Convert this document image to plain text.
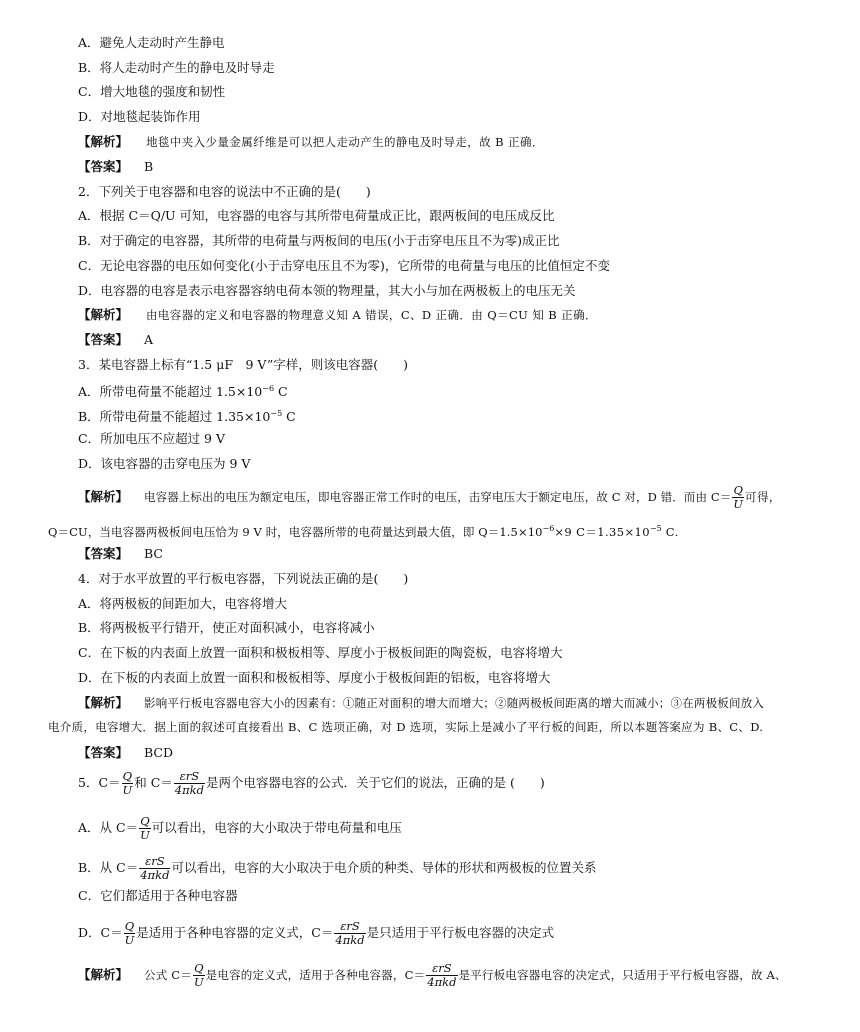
A．避免人走动时产生静电
B．将人走动时产生的静电及时导走
C．增大地毯的强度和韧性
D．对地毯起装饰作用
【解析】 地毯中夹入少量金属纤维是可以把人走动产生的静电及时导走，故 B 正确．
【答案】 B
2．下列关于电容器和电容的说法中不正确的是(　　)
A．根据 C＝Q/U 可知，电容器的电容与其所带电荷量成正比，跟两板间的电压成反比
B．对于确定的电容器，其所带的电荷量与两板间的电压(小于击穿电压且不为零)成正比
C．无论电容器的电压如何变化(小于击穿电压且不为零)，它所带的电荷量与电压的比值恒定不变
D．电容器的电容是表示电容器容纳电荷本领的物理量，其大小与加在两极板上的电压无关
【解析】 由电容器的定义和电容器的物理意义知 A 错误，C、D 正确．由 Q＝CU 知 B 正确．
【答案】 A
3．某电容器上标有“1.5 μF　9 V”字样，则该电容器(　　)
A．所带电荷量不能超过 $1.5\times 10^{-6}$ C
B．所带电荷量不能超过 $1.35\times 10^{-5}$ C
C．所加电压不应超过 9 V
D．该电容器的击穿电压为 9 V
【解析】 电容器上标出的电压为额定电压，即电容器正常工作时的电压，击穿电压大于额定电压，故 C 对，D 错．而由 $C= \frac{Q}{U}$ 可得，
Q＝CU，当电容器两极板间电压恰为 9 V 时，电容器所带的电荷量达到最大值，即 $Q=1.5\times 10^{-6}\times 9$ $C=1.35\times 10^{-5}$ C.
【答案】 BC
4．对于水平放置的平行板电容器，下列说法正确的是(　　)
A．将两极板的间距加大，电容将增大
B．将两极板平行错开，使正对面积减小，电容将减小
C．在下板的内表面上放置一面积和极板相等、厚度小于极板间距的陶瓷板，电容将增大
D．在下板的内表面上放置一面积和极板相等、厚度小于极板间距的铝板，电容将增大
【解析】 影响平行板电容器电容大小的因素有：①随正对面积的增大而增大；②随两极板间距离的增大而减小；③在两极板间放入
电介质，电容增大．据上面的叙述可直接看出 B、C 选项正确，对 D 选项，实际上是减小了平行板的间距，所以本题答案应为 B、C、D.
【答案】 BCD
5．$C= \frac{Q}{U}$ 和 $C= \frac{\text{εrS}}{\text{4πkd}}$ 是两个电容器电容的公式．关于它们的说法，正确的是 (　　)
A．从 $C= \frac{Q}{U}$ 可以看出，电容的大小取决于带电荷量和电压
B．从 $C= \frac{\text{εrS}}{\text{4πkd}}$ 可以看出，电容的大小取决于电介质的种类、导体的形状和两极板的位置关系
C．它们都适用于各种电容器
D．$C= \frac{Q}{U}$ 是适用于各种电容器的定义式，$C= \frac{\text{εrS}}{\text{4πkd}}$ 是只适用于平行板电容器的决定式
【解析】 公式 $C= \frac{Q}{U}$ 是电容的定义式，适用于各种电容器，$C= \frac{\text{εrS}}{\text{4πkd}}$ 是平行板电容器电容的决定式，只适用于平行板电容器，故 A、
